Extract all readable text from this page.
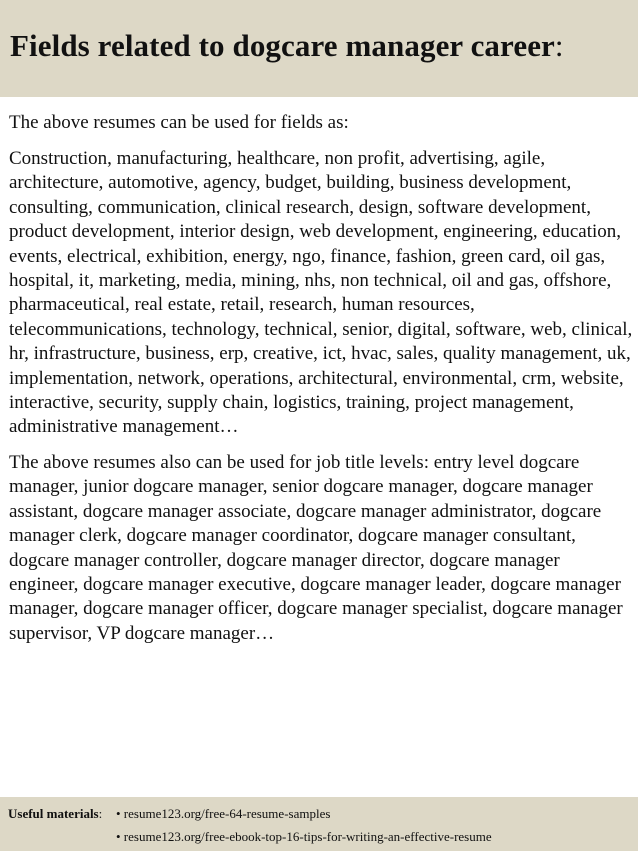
Fields related to dogcare manager career:

The above resumes can be used for fields as:

Construction, manufacturing, healthcare, non profit, advertising, agile, architecture, automotive, agency, budget, building, business development, consulting, communication, clinical research, design, software development, product development, interior design, web development, engineering, education, events, electrical, exhibition, energy, ngo, finance, fashion, green card, oil gas, hospital, it, marketing, media, mining, nhs, non technical, oil and gas, offshore, pharmaceutical, real estate, retail, research, human resources, telecommunications, technology, technical, senior, digital, software, web, clinical, hr, infrastructure, business, erp, creative, ict, hvac, sales, quality management, uk, implementation, network, operations, architectural, environmental, crm, website, interactive, security, supply chain, logistics, training, project management, administrative management…

The above resumes also can be used for job title levels: entry level dogcare manager, junior dogcare manager, senior dogcare manager, dogcare manager assistant, dogcare manager associate, dogcare manager administrator, dogcare manager clerk, dogcare manager coordinator, dogcare manager consultant, dogcare manager controller, dogcare manager director, dogcare manager engineer, dogcare manager executive, dogcare manager leader, dogcare manager manager, dogcare manager officer, dogcare manager specialist, dogcare manager supervisor, VP dogcare manager…

Useful materials: • resume123.org/free-64-resume-samples
• resume123.org/free-ebook-top-16-tips-for-writing-an-effective-resume
